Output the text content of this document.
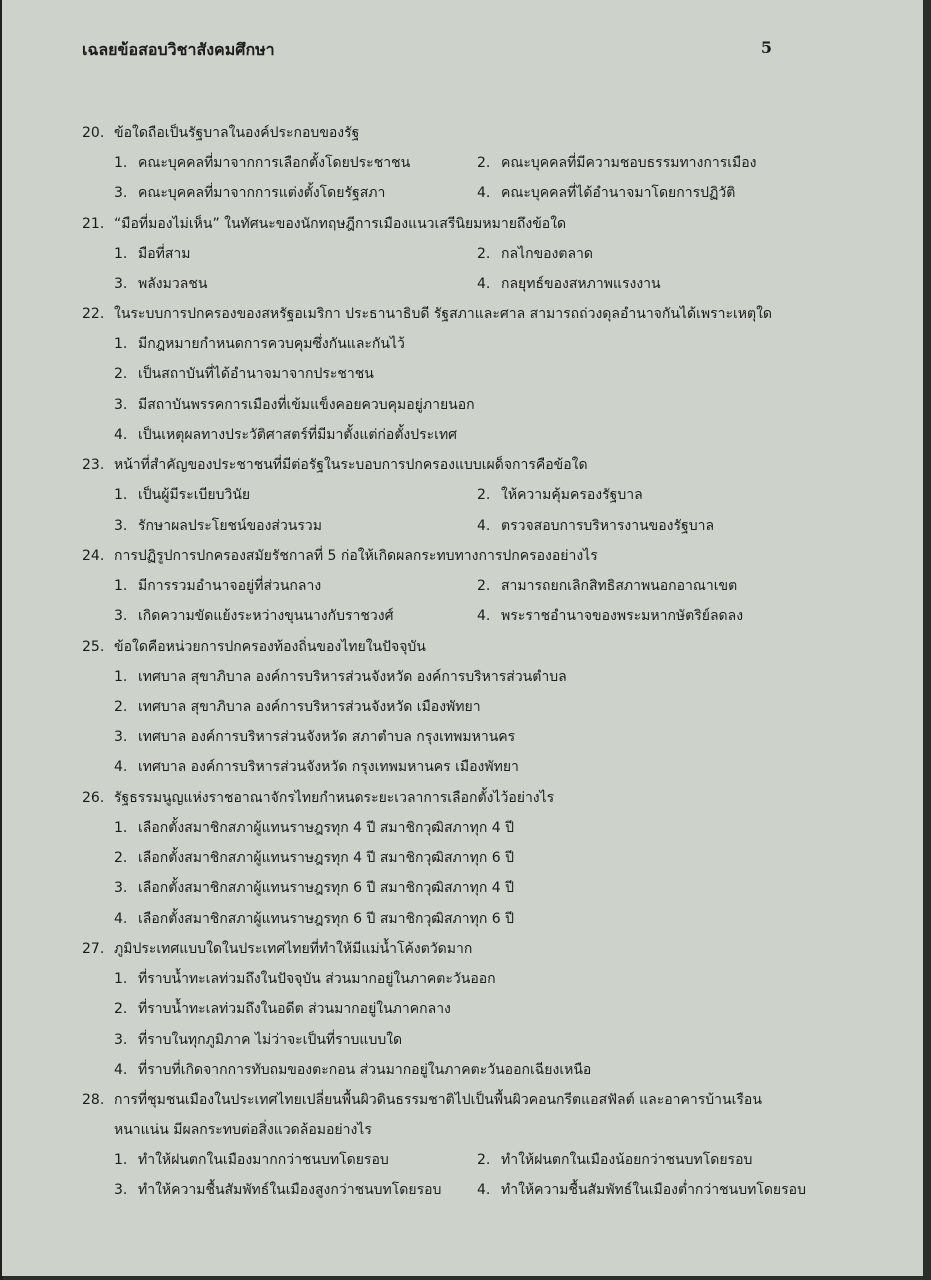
เฉลยข้อสอบวิชาสังคมศึกษา	5
20. ข้อใดถือเป็นรัฐบาลในองค์ประกอบของรัฐ
1. คณะบุคคลที่มาจากการเลือกตั้งโดยประชาชน	2. คณะบุคคลที่มีความชอบธรรมทางการเมือง
3. คณะบุคคลที่มาจากการแต่งตั้งโดยรัฐสภา	4. คณะบุคคลที่ได้อำนาจมาโดยการปฏิวัติ
21. “มือที่มองไม่เห็น” ในทัศนะของนักทฤษฎีการเมืองแนวเสรีนิยมหมายถึงข้อใด
1. มือที่สาม	2. กลไกของตลาด
3. พลังมวลชน	4. กลยุทธ์ของสหภาพแรงงาน
22. ในระบบการปกครองของสหรัฐอเมริกา ประธานาธิบดี รัฐสภาและศาล สามารถถ่วงดุลอำนาจกันได้เพราะเหตุใด
1. มีกฎหมายกำหนดการควบคุมซึ่งกันและกันไว้
2. เป็นสถาบันที่ได้อำนาจมาจากประชาชน
3. มีสถาบันพรรคการเมืองที่เข้มแข็งคอยควบคุมอยู่ภายนอก
4. เป็นเหตุผลทางประวัติศาสตร์ที่มีมาตั้งแต่ก่อตั้งประเทศ
23. หน้าที่สำคัญของประชาชนที่มีต่อรัฐในระบอบการปกครองแบบเผด็จการคือข้อใด
1. เป็นผู้มีระเบียบวินัย	2. ให้ความคุ้มครองรัฐบาล
3. รักษาผลประโยชน์ของส่วนรวม	4. ตรวจสอบการบริหารงานของรัฐบาล
24. การปฏิรูปการปกครองสมัยรัชกาลที่ 5 ก่อให้เกิดผลกระทบทางการปกครองอย่างไร
1. มีการรวมอำนาจอยู่ที่ส่วนกลาง	2. สามารถยกเลิกสิทธิสภาพนอกอาณาเขต
3. เกิดความขัดแย้งระหว่างขุนนางกับราชวงศ์	4. พระราชอำนาจของพระมหากษัตริย์ลดลง
25. ข้อใดคือหน่วยการปกครองท้องถิ่นของไทยในปัจจุบัน
1. เทศบาล สุขาภิบาล องค์การบริหารส่วนจังหวัด องค์การบริหารส่วนตำบล
2. เทศบาล สุขาภิบาล องค์การบริหารส่วนจังหวัด เมืองพัทยา
3. เทศบาล องค์การบริหารส่วนจังหวัด สภาตำบล กรุงเทพมหานคร
4. เทศบาล องค์การบริหารส่วนจังหวัด กรุงเทพมหานคร เมืองพัทยา
26. รัฐธรรมนูญแห่งราชอาณาจักรไทยกำหนดระยะเวลาการเลือกตั้งไว้อย่างไร
1. เลือกตั้งสมาชิกสภาผู้แทนราษฎรทุก 4 ปี สมาชิกวุฒิสภาทุก 4 ปี
2. เลือกตั้งสมาชิกสภาผู้แทนราษฎรทุก 4 ปี สมาชิกวุฒิสภาทุก 6 ปี
3. เลือกตั้งสมาชิกสภาผู้แทนราษฎรทุก 6 ปี สมาชิกวุฒิสภาทุก 4 ปี
4. เลือกตั้งสมาชิกสภาผู้แทนราษฎรทุก 6 ปี สมาชิกวุฒิสภาทุก 6 ปี
27. ภูมิประเทศแบบใดในประเทศไทยที่ทำให้มีแม่น้ำโค้งตวัดมาก
1. ที่ราบน้ำทะเลท่วมถึงในปัจจุบัน ส่วนมากอยู่ในภาคตะวันออก
2. ที่ราบน้ำทะเลท่วมถึงในอดีต ส่วนมากอยู่ในภาคกลาง
3. ที่ราบในทุกภูมิภาค ไม่ว่าจะเป็นที่ราบแบบใด
4. ที่ราบที่เกิดจากการทับถมของตะกอน ส่วนมากอยู่ในภาคตะวันออกเฉียงเหนือ
28. การที่ชุมชนเมืองในประเทศไทยเปลี่ยนพื้นผิวดินธรรมชาติไปเป็นพื้นผิวคอนกรีตแอสฟัลต์ และอาคารบ้านเรือน
หนาแน่น มีผลกระทบต่อสิ่งแวดล้อมอย่างไร
1. ทำให้ฝนตกในเมืองมากกว่าชนบทโดยรอบ	2. ทำให้ฝนตกในเมืองน้อยกว่าชนบทโดยรอบ
3. ทำให้ความชื้นสัมพัทธ์ในเมืองสูงกว่าชนบทโดยรอบ	4. ทำให้ความชื้นสัมพัทธ์ในเมืองต่ำกว่าชนบทโดยรอบ
